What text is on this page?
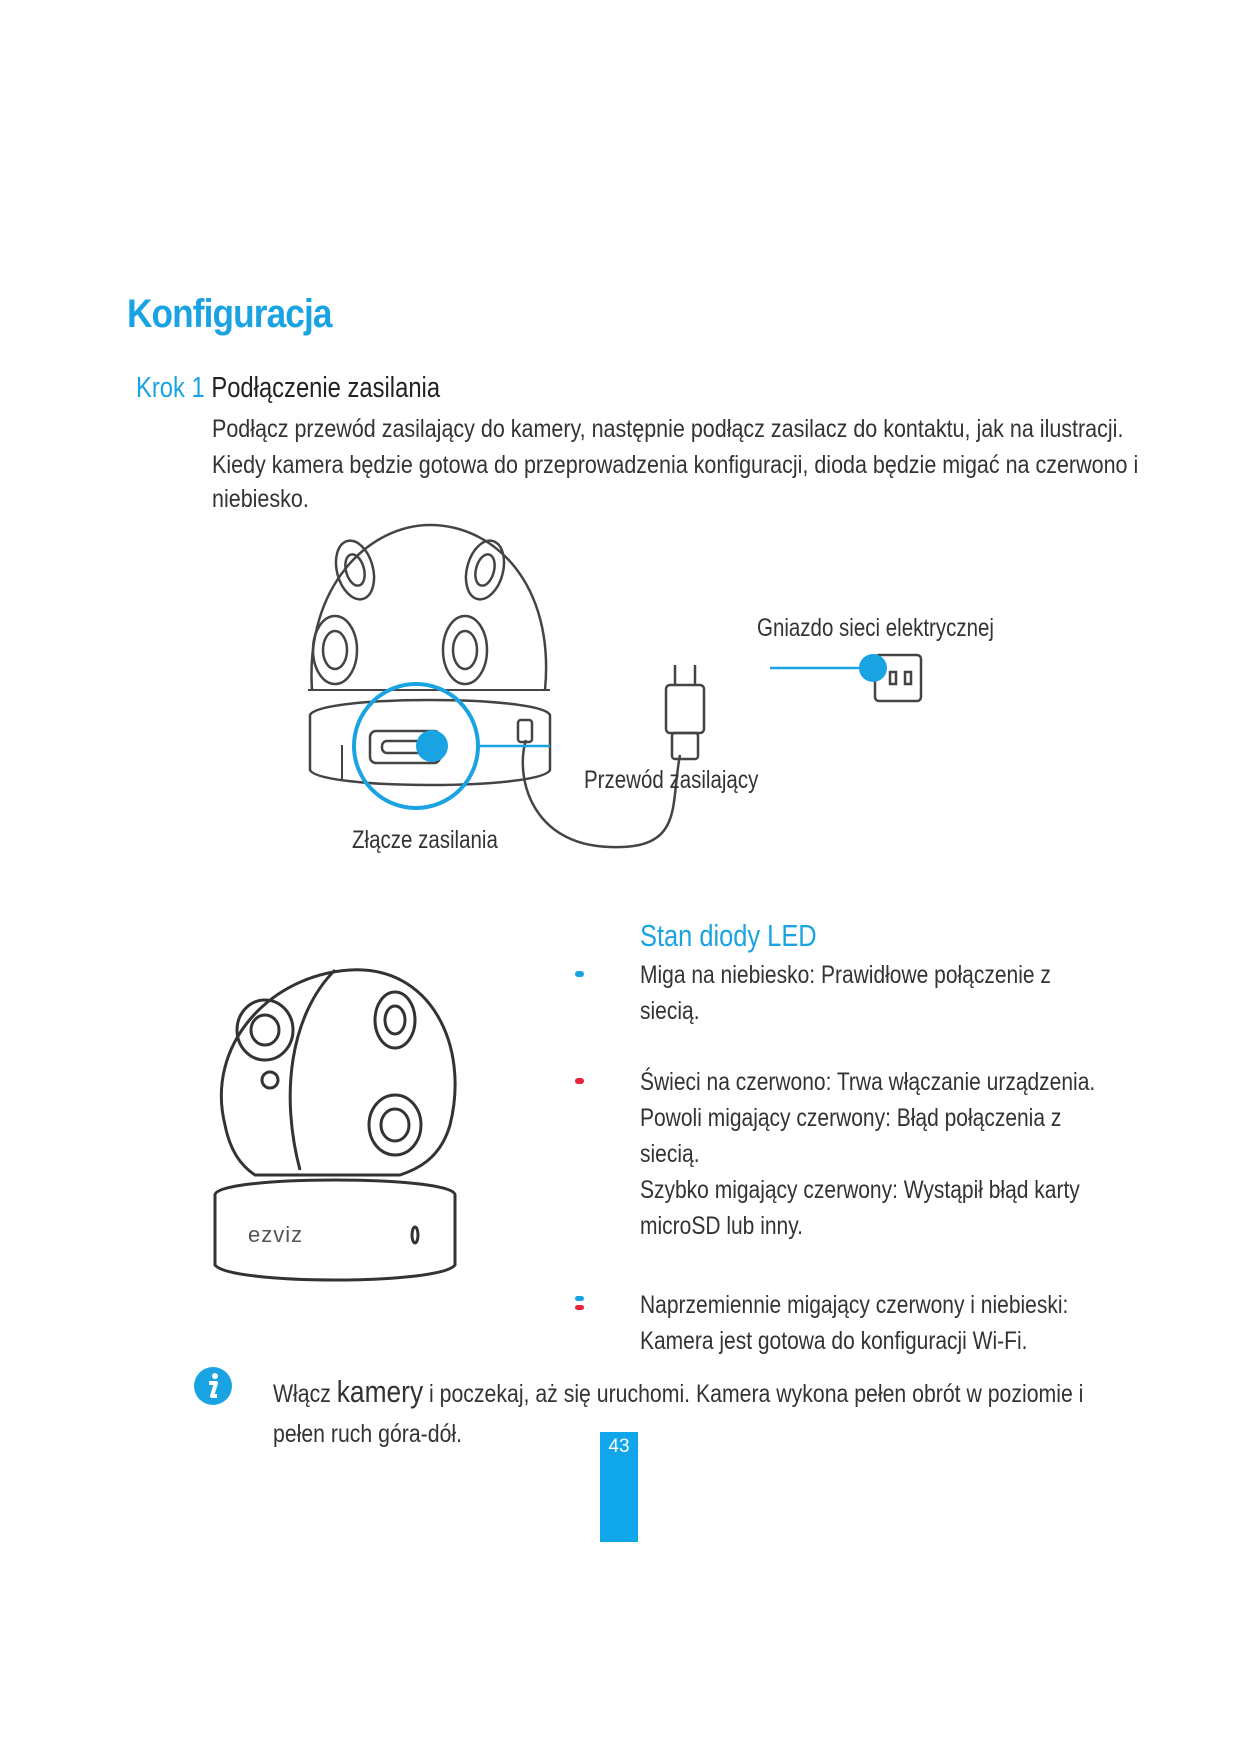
Konfiguracja
Krok 1 Podłączenie zasilania
Podłącz przewód zasilający do kamery, następnie podłącz zasilacz do kontaktu, jak na ilustracji.
Kiedy kamera będzie gotowa do przeprowadzenia konfiguracji, dioda będzie migać na czerwono i niebiesko.
Gniazdo sieci elektrycznej
Przewód zasilający
Złącze zasilania
ezviz
Stan diody LED
Miga na niebiesko: Prawidłowe połączenie z siecią.
Świeci na czerwono: Trwa włączanie urządzenia.
Powoli migający czerwony: Błąd połączenia z siecią.
Szybko migający czerwony: Wystąpił błąd karty microSD lub inny.
Naprzemiennie migający czerwony i niebieski:
Kamera jest gotowa do konfiguracji Wi-Fi.
Włącz kamery i poczekaj, aż się uruchomi. Kamera wykona pełen obrót w poziomie i pełen ruch góra-dół.	43
